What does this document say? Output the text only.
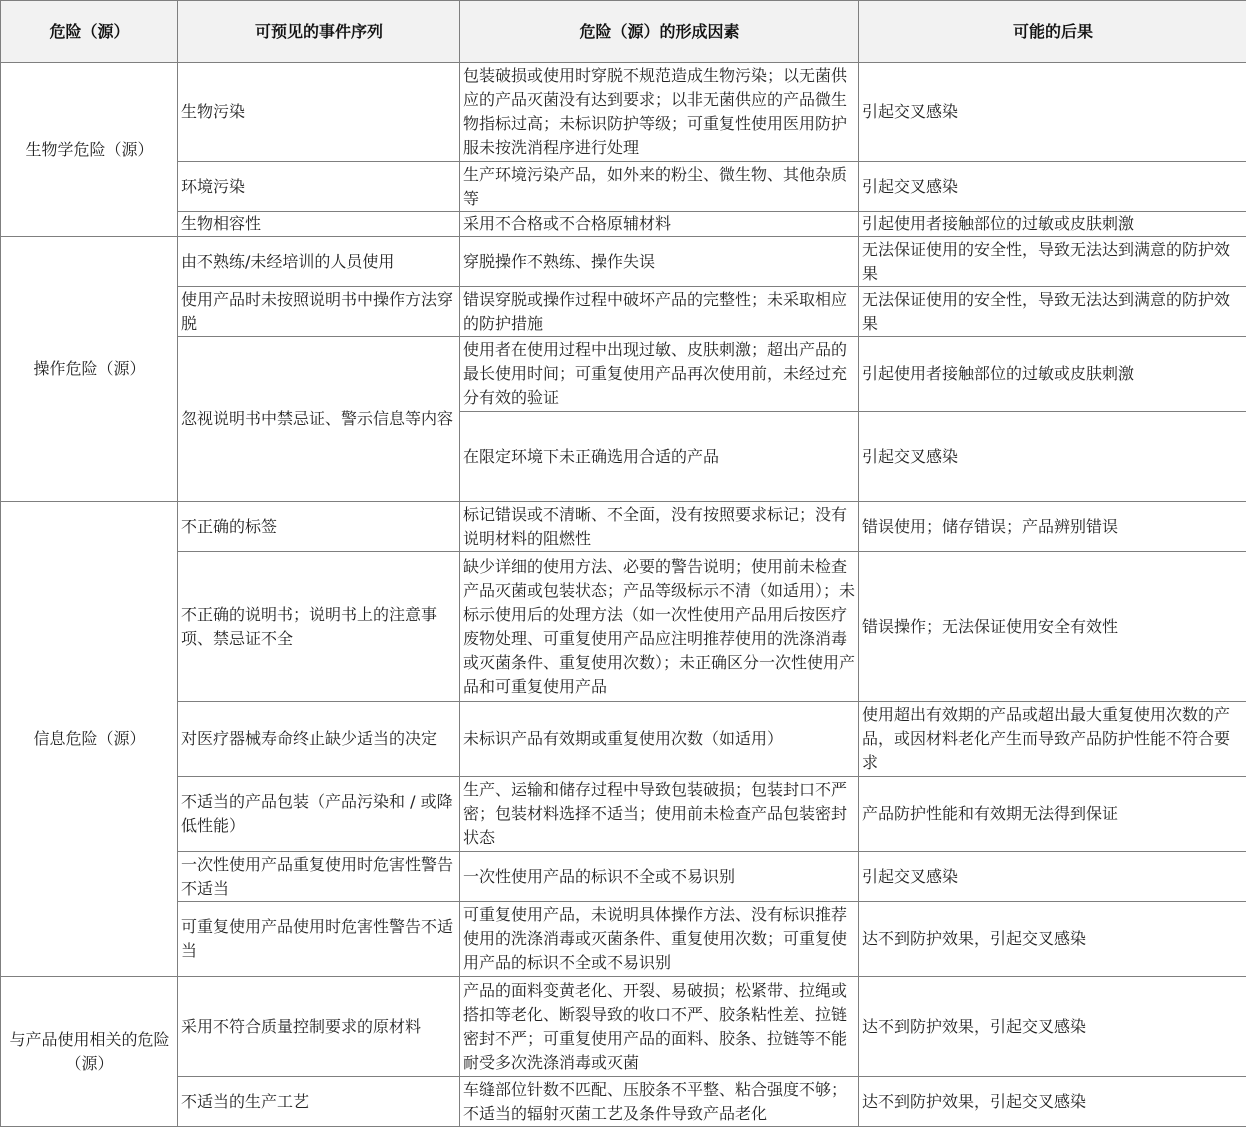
危险（源）	可预见的事件序列	危险（源）的形成因素	可能的后果
生物学危险（源）	生物污染	包装破损或使用时穿脱不规范造成生物污染；以无菌供应的产品灭菌没有达到要求；以非无菌供应的产品微生物指标过高；未标识防护等级；可重复性使用医用防护服未按洗消程序进行处理	引起交叉感染
	环境污染	生产环境污染产品，如外来的粉尘、微生物、其他杂质等	引起交叉感染
	生物相容性	采用不合格或不合格原辅材料	引起使用者接触部位的过敏或皮肤刺激
操作危险（源）	由不熟练/未经培训的人员使用	穿脱操作不熟练、操作失误	无法保证使用的安全性，导致无法达到满意的防护效果
	使用产品时未按照说明书中操作方法穿脱	错误穿脱或操作过程中破坏产品的完整性；未采取相应的防护措施	无法保证使用的安全性，导致无法达到满意的防护效果
	忽视说明书中禁忌证、警示信息等内容	使用者在使用过程中出现过敏、皮肤刺激；超出产品的最长使用时间；可重复使用产品再次使用前，未经过充分有效的验证	引起使用者接触部位的过敏或皮肤刺激
		在限定环境下未正确选用合适的产品	引起交叉感染
信息危险（源）	不正确的标签	标记错误或不清晰、不全面，没有按照要求标记；没有说明材料的阻燃性	错误使用；储存错误；产品辨别错误
	不正确的说明书；说明书上的注意事项、禁忌证不全	缺少详细的使用方法、必要的警告说明；使用前未检查产品灭菌或包装状态；产品等级标示不清（如适用）；未标示使用后的处理方法（如一次性使用产品用后按医疗废物处理、可重复使用产品应注明推荐使用的洗涤消毒或灭菌条件、重复使用次数）；未正确区分一次性使用产品和可重复使用产品	错误操作；无法保证使用安全有效性
	对医疗器械寿命终止缺少适当的决定	未标识产品有效期或重复使用次数（如适用）	使用超出有效期的产品或超出最大重复使用次数的产品，或因材料老化产生而导致产品防护性能不符合要求
	不适当的产品包装（产品污染和 / 或降低性能）	生产、运输和储存过程中导致包装破损；包装封口不严密；包装材料选择不适当；使用前未检查产品包装密封状态	产品防护性能和有效期无法得到保证
	一次性使用产品重复使用时危害性警告不适当	一次性使用产品的标识不全或不易识别	引起交叉感染
	可重复使用产品使用时危害性警告不适当	可重复使用产品，未说明具体操作方法、没有标识推荐使用的洗涤消毒或灭菌条件、重复使用次数；可重复使用产品的标识不全或不易识别	达不到防护效果，引起交叉感染
与产品使用相关的危险（源）	采用不符合质量控制要求的原材料	产品的面料变黄老化、开裂、易破损；松紧带、拉绳或搭扣等老化、断裂导致的收口不严、胶条粘性差、拉链密封不严；可重复使用产品的面料、胶条、拉链等不能耐受多次洗涤消毒或灭菌	达不到防护效果，引起交叉感染
	不适当的生产工艺	车缝部位针数不匹配、压胶条不平整、粘合强度不够；不适当的辐射灭菌工艺及条件导致产品老化	达不到防护效果，引起交叉感染
